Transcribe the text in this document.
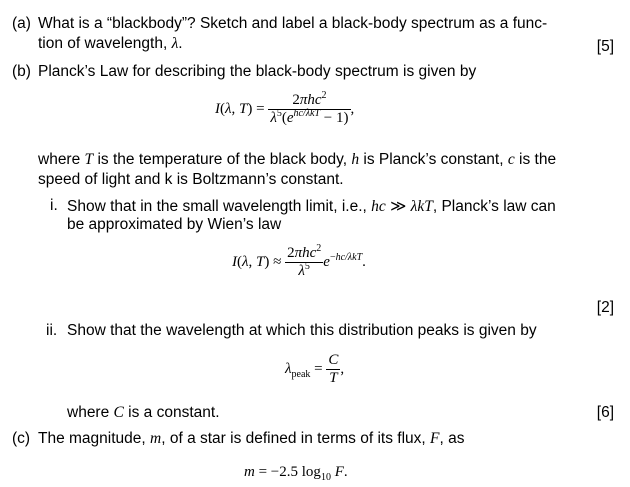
(a) What is a “blackbody”? Sketch and label a black-body spectrum as a func-
tion of wavelength, λ.	[5]
(b) Planck’s Law for describing the black-body spectrum is given by
I(λ, $T) = \frac{2\pi hc^2}{\lambda^5(e^{hc/\lambda kT} - 1)}$ ,
where T is the temperature of the black body, h is Planck’s constant, c is the
speed of light and k is Boltzmann’s constant.
i. Show that in the small wavelength limit, i.e., hc ≫ λkT, Planck’s law can
be approximated by Wien’s law
I(λ, $T) \approx \frac{2\pi hc^2}{\lambda^5} e^{-hc/\lambda kT}$.
[2]
ii. Show that the wavelength at which this distribution peaks is given by
$\lambda_{peak} = \frac{C}{T}$ ,
where C is a constant.	[6]
(c) The magnitude, m, of a star is defined in terms of its flux, F, as
m = −2.5 $\log_{10} F$.
